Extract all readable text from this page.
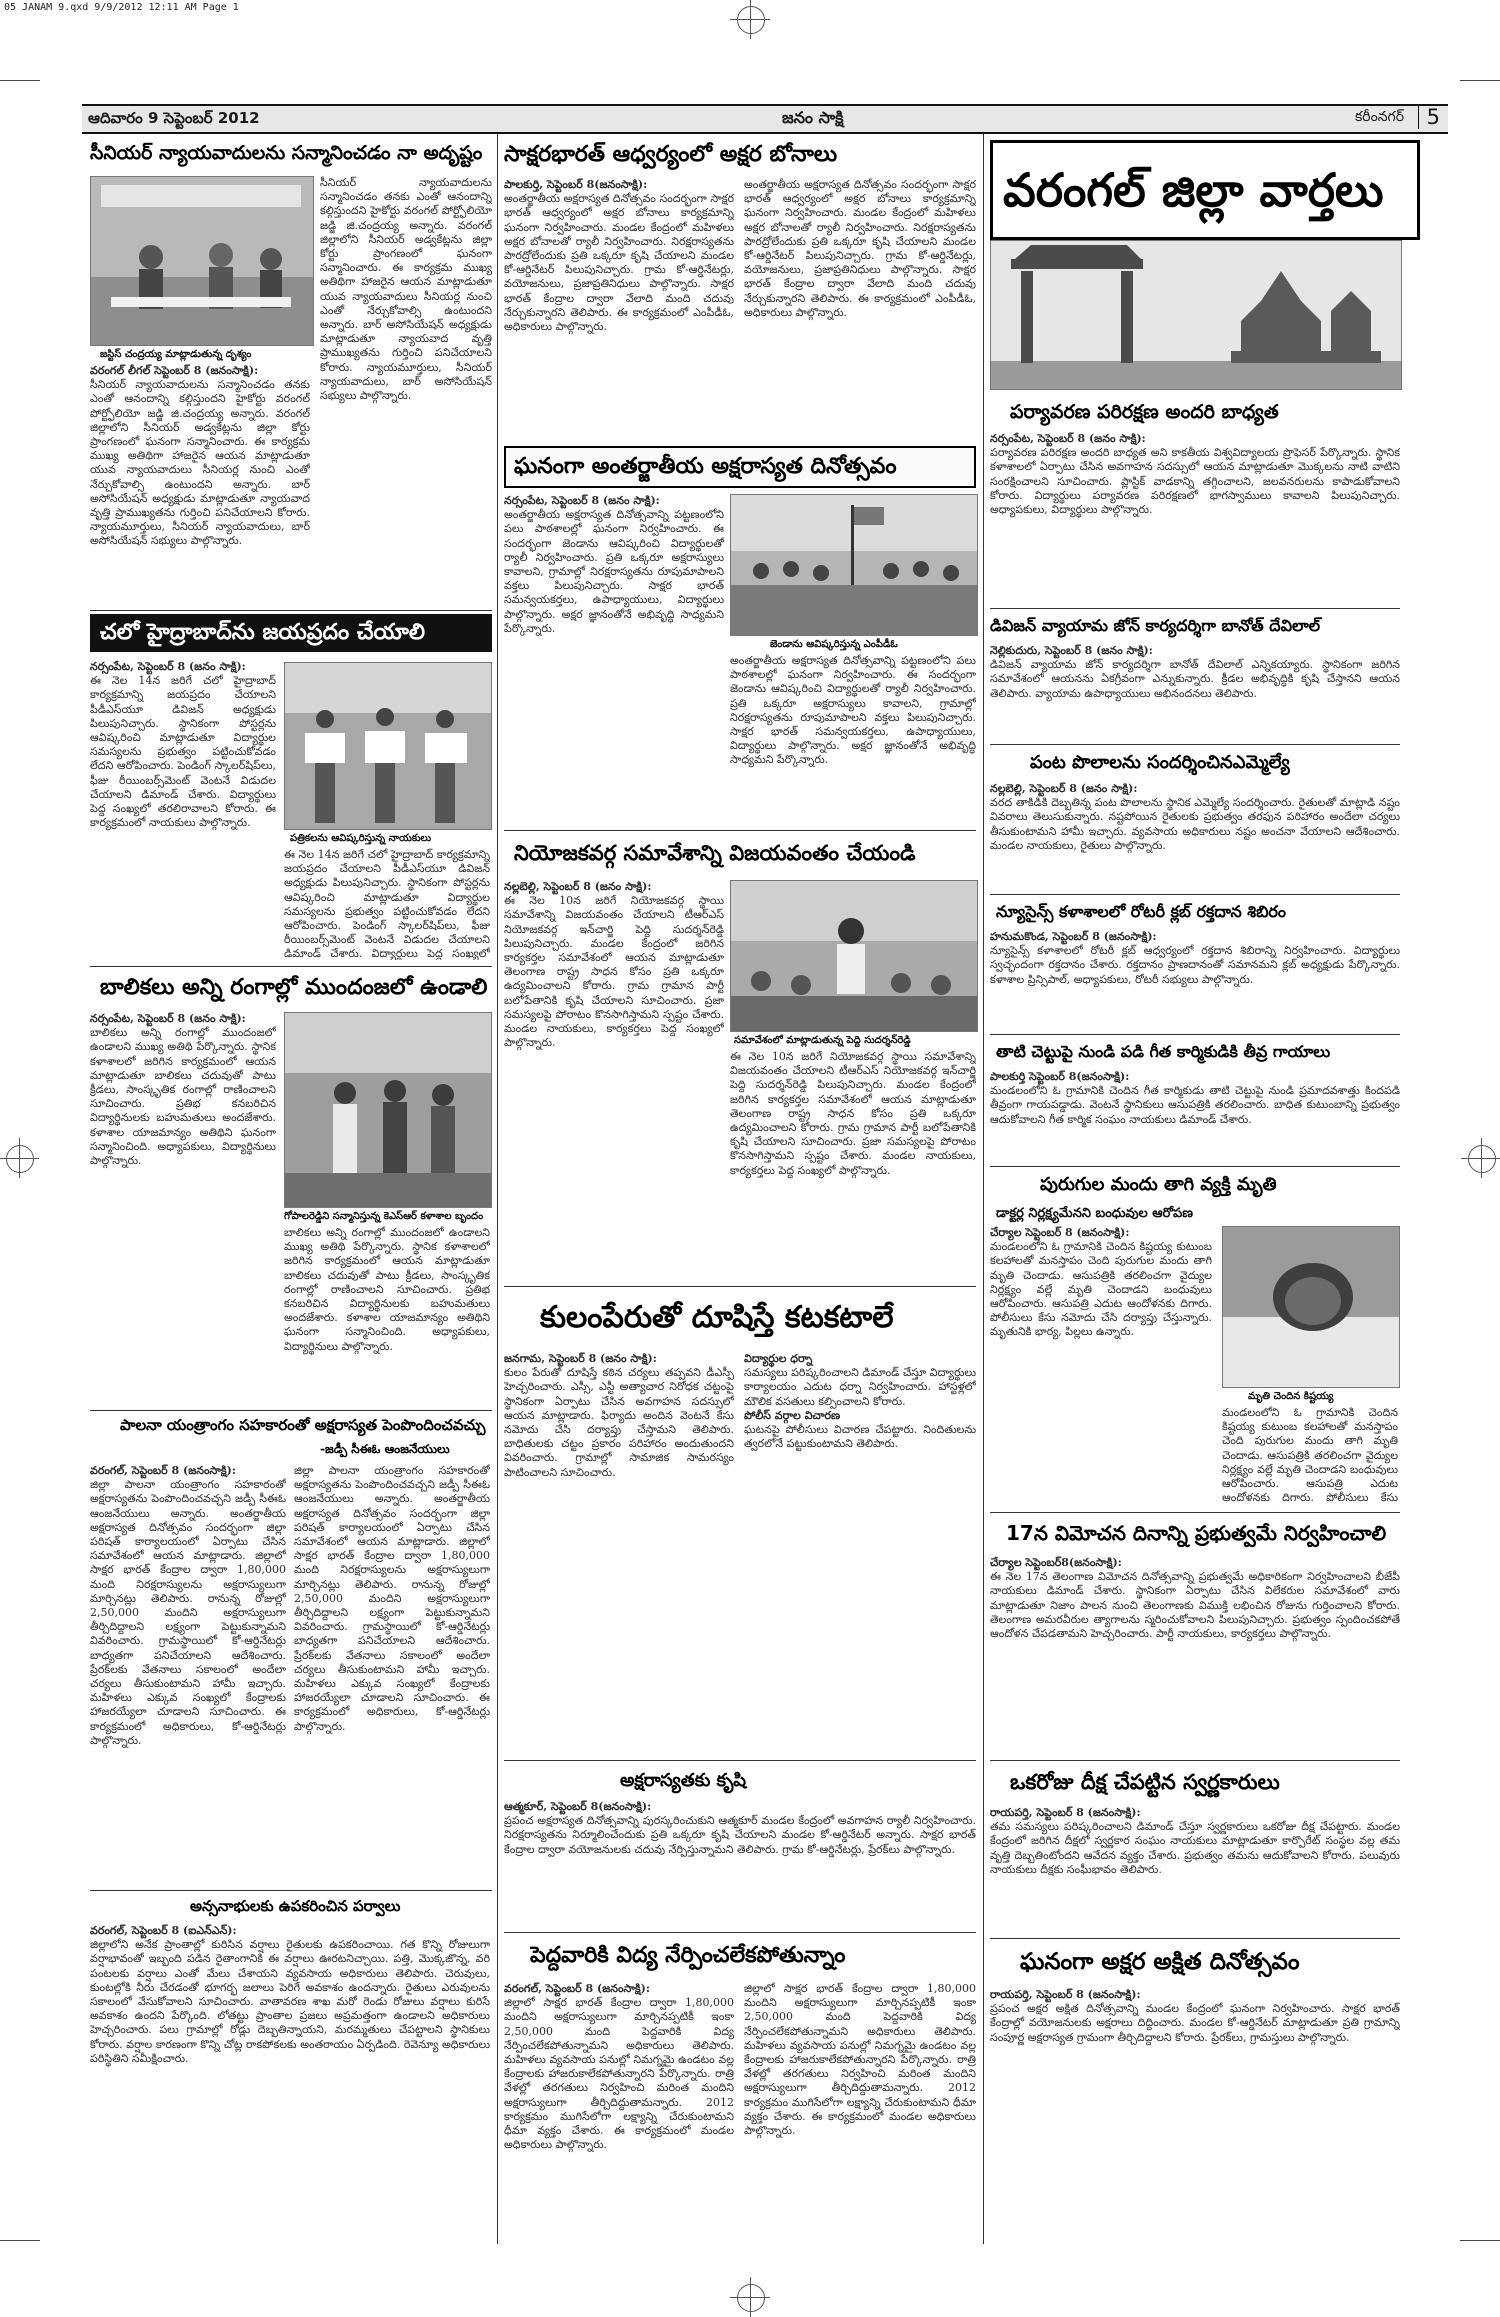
05 JANAM 9.qxd 9/9/2012 12:11 AM Page 1
ఆదివారం 9 సెప్టెంబర్ 2012	జనం సాక్షి	కరీంనగర్	5
సీనియర్ న్యాయవాదులను సన్మానించడం నా అదృష్టం
జస్టిస్ చంద్రయ్య మాట్లాడుతున్న దృశ్యం
వరంగల్ లీగల్ సెప్టెంబర్ 8 (జనంసాక్షి):
సీనియర్ న్యాయవాదులను సన్మానించడం తనకు ఎంతో ఆనందాన్ని కల్గిస్తుందని హైకోర్టు వరంగల్ పోర్ట్ఫోలియో జడ్జి జి.చంద్రయ్య అన్నారు. వరంగల్ జిల్లాలోని సీనియర్ అడ్వకేట్లను జిల్లా కోర్టు ప్రాంగణంలో ఘనంగా సన్మానించారు. ఈ కార్యక్రమ ముఖ్య అతిథిగా హాజరైన ఆయన మాట్లాడుతూ యువ న్యాయవాదులు సీనియర్ల నుంచి ఎంతో నేర్చుకోవాల్సి ఉంటుందని అన్నారు. బార్ అసోసియేషన్ అధ్యక్షుడు మాట్లాడుతూ న్యాయవాద వృత్తి ప్రాముఖ్యతను గుర్తించి పనిచేయాలని కోరారు. న్యాయమూర్తులు, సీనియర్ న్యాయవాదులు, బార్ అసోసియేషన్ సభ్యులు పాల్గొన్నారు.
సీనియర్ న్యాయవాదులను సన్మానించడం తనకు ఎంతో ఆనందాన్ని కల్గిస్తుందని హైకోర్టు వరంగల్ పోర్ట్ఫోలియో జడ్జి జి.చంద్రయ్య అన్నారు. వరంగల్ జిల్లాలోని సీనియర్ అడ్వకేట్లను జిల్లా కోర్టు ప్రాంగణంలో ఘనంగా సన్మానించారు. ఈ కార్యక్రమ ముఖ్య అతిథిగా హాజరైన ఆయన మాట్లాడుతూ యువ న్యాయవాదులు సీనియర్ల నుంచి ఎంతో నేర్చుకోవాల్సి ఉంటుందని అన్నారు. బార్ అసోసియేషన్ అధ్యక్షుడు మాట్లాడుతూ న్యాయవాద వృత్తి ప్రాముఖ్యతను గుర్తించి పనిచేయాలని కోరారు. న్యాయమూర్తులు, సీనియర్ న్యాయవాదులు, బార్ అసోసియేషన్ సభ్యులు పాల్గొన్నారు.
చలో హైద్రాబాద్‌ను జయప్రదం చేయాలి
నర్సంపేట, సెప్టెంబర్ 8 (జనం సాక్షి):
ఈ నెల 14న జరిగే చలో హైద్రాబాద్ కార్యక్రమాన్ని జయప్రదం చేయాలని పీడీఎస్‌యూ డివిజన్ అధ్యక్షుడు పిలుపునిచ్చారు. స్థానికంగా పోస్టర్లను ఆవిష్కరించి మాట్లాడుతూ విద్యార్థుల సమస్యలను ప్రభుత్వం పట్టించుకోవడం లేదని ఆరోపించారు. పెండింగ్ స్కాలర్‌షిప్‌లు, ఫీజు రీయింబర్స్‌మెంట్ వెంటనే విడుదల చేయాలని డిమాండ్ చేశారు. విద్యార్థులు పెద్ద సంఖ్యలో తరలిరావాలని కోరారు. ఈ కార్యక్రమంలో నాయకులు పాల్గొన్నారు.
పత్రికలను ఆవిష్కరిస్తున్న నాయకులు
ఈ నెల 14న జరిగే చలో హైద్రాబాద్ కార్యక్రమాన్ని జయప్రదం చేయాలని పీడీఎస్‌యూ డివిజన్ అధ్యక్షుడు పిలుపునిచ్చారు. స్థానికంగా పోస్టర్లను ఆవిష్కరించి మాట్లాడుతూ విద్యార్థుల సమస్యలను ప్రభుత్వం పట్టించుకోవడం లేదని ఆరోపించారు. పెండింగ్ స్కాలర్‌షిప్‌లు, ఫీజు రీయింబర్స్‌మెంట్ వెంటనే విడుదల చేయాలని డిమాండ్ చేశారు. విద్యార్థులు పెద్ద సంఖ్యలో
బాలికలు అన్ని రంగాల్లో ముందంజలో ఉండాలి
నర్సంపేట, సెప్టెంబర్ 8 (జనం సాక్షి):
బాలికలు అన్ని రంగాల్లో ముందంజలో ఉండాలని ముఖ్య అతిథి పేర్కొన్నారు. స్థానిక కళాశాలలో జరిగిన కార్యక్రమంలో ఆయన మాట్లాడుతూ బాలికలు చదువుతో పాటు క్రీడలు, సాంస్కృతిక రంగాల్లో రాణించాలని సూచించారు. ప్రతిభ కనబరిచిన విద్యార్థినులకు బహుమతులు అందజేశారు. కళాశాల యాజమాన్యం అతిథిని ఘనంగా సన్మానించింది. అధ్యాపకులు, విద్యార్థినులు పాల్గొన్నారు.
గోపాలరెడ్డిని సన్మానిస్తున్న కెఎస్‌ఆర్ కళాశాల బృందం
బాలికలు అన్ని రంగాల్లో ముందంజలో ఉండాలని ముఖ్య అతిథి పేర్కొన్నారు. స్థానిక కళాశాలలో జరిగిన కార్యక్రమంలో ఆయన మాట్లాడుతూ బాలికలు చదువుతో పాటు క్రీడలు, సాంస్కృతిక రంగాల్లో రాణించాలని సూచించారు. ప్రతిభ కనబరిచిన విద్యార్థినులకు బహుమతులు అందజేశారు. కళాశాల యాజమాన్యం అతిథిని ఘనంగా సన్మానించింది. అధ్యాపకులు, విద్యార్థినులు పాల్గొన్నారు.
పాలనా యంత్రాంగం సహకారంతో అక్షరాస్యత పెంపొందించవచ్చు
-జడ్పీ సీఈఓ ఆంజనేయులు
వరంగల్, సెప్టెంబర్ 8 (జనంసాక్షి):
జిల్లా పాలనా యంత్రాంగం సహకారంతో అక్షరాస్యతను పెంపొందించవచ్చని జడ్పీ సీఈఓ ఆంజనేయులు అన్నారు. అంతర్జాతీయ అక్షరాస్యత దినోత్సవం సందర్భంగా జిల్లా పరిషత్ కార్యాలయంలో ఏర్పాటు చేసిన సమావేశంలో ఆయన మాట్లాడారు. జిల్లాలో సాక్షర భారత్ కేంద్రాల ద్వారా 1,80,000 మంది నిరక్షరాస్యులను అక్షరాస్యులుగా మార్చినట్లు తెలిపారు. రానున్న రోజుల్లో 2,50,000 మందిని అక్షరాస్యులుగా తీర్చిదిద్దాలని లక్ష్యంగా పెట్టుకున్నామని వివరించారు. గ్రామస్థాయిలో కో-ఆర్డినేటర్లు బాధ్యతగా పనిచేయాలని ఆదేశించారు. ప్రేరక్‌లకు వేతనాలు సకాలంలో అందేలా చర్యలు తీసుకుంటామని హామీ ఇచ్చారు. మహిళలు ఎక్కువ సంఖ్యలో కేంద్రాలకు హాజరయ్యేలా చూడాలని సూచించారు. ఈ కార్యక్రమంలో అధికారులు, కో-ఆర్డినేటర్లు పాల్గొన్నారు.
జిల్లా పాలనా యంత్రాంగం సహకారంతో అక్షరాస్యతను పెంపొందించవచ్చని జడ్పీ సీఈఓ ఆంజనేయులు అన్నారు. అంతర్జాతీయ అక్షరాస్యత దినోత్సవం సందర్భంగా జిల్లా పరిషత్ కార్యాలయంలో ఏర్పాటు చేసిన సమావేశంలో ఆయన మాట్లాడారు. జిల్లాలో సాక్షర భారత్ కేంద్రాల ద్వారా 1,80,000 మంది నిరక్షరాస్యులను అక్షరాస్యులుగా మార్చినట్లు తెలిపారు. రానున్న రోజుల్లో 2,50,000 మందిని అక్షరాస్యులుగా తీర్చిదిద్దాలని లక్ష్యంగా పెట్టుకున్నామని వివరించారు. గ్రామస్థాయిలో కో-ఆర్డినేటర్లు బాధ్యతగా పనిచేయాలని ఆదేశించారు. ప్రేరక్‌లకు వేతనాలు సకాలంలో అందేలా చర్యలు తీసుకుంటామని హామీ ఇచ్చారు. మహిళలు ఎక్కువ సంఖ్యలో కేంద్రాలకు హాజరయ్యేలా చూడాలని సూచించారు. ఈ కార్యక్రమంలో అధికారులు, కో-ఆర్డినేటర్లు పాల్గొన్నారు.
అన్సనాభులకు ఉపకరించిన పర్వాలు
వరంగల్, సెప్టెంబర్ 8 (ఐఎన్ఎన్):
జిల్లాలోని అనేక ప్రాంతాల్లో కురిసిన వర్షాలు రైతులకు ఉపకరించాయి. గత కొన్ని రోజులుగా వర్షాభావంతో ఇబ్బంది పడిన రైతాంగానికి ఈ వర్షాలు ఊరటనిచ్చాయి. పత్తి, మొక్కజొన్న, వరి పంటలకు వర్షాలు ఎంతో మేలు చేశాయని వ్యవసాయ అధికారులు తెలిపారు. చెరువులు, కుంటల్లోకి నీరు చేరడంతో భూగర్భ జలాలు పెరిగే అవకాశం ఉందన్నారు. రైతులు ఎరువులను సకాలంలో వేసుకోవాలని సూచించారు. వాతావరణ శాఖ మరో రెండు రోజులు వర్షాలు కురిసే అవకాశం ఉందని పేర్కొంది. లోతట్టు ప్రాంతాల ప్రజలు అప్రమత్తంగా ఉండాలని అధికారులు హెచ్చరించారు. పలు గ్రామాల్లో రోడ్లు దెబ్బతిన్నాయని, మరమ్మతులు చేపట్టాలని స్థానికులు కోరారు. వర్షాల కారణంగా కొన్ని చోట్ల రాకపోకలకు అంతరాయం ఏర్పడింది. రెవెన్యూ అధికారులు పరిస్థితిని సమీక్షించారు.
సాక్షరభారత్ ఆధ్వర్యంలో అక్షర బోనాలు
పాలకుర్తి, సెప్టెంబర్ 8(జనంసాక్షి):
అంతర్జాతీయ అక్షరాస్యత దినోత్సవం సందర్భంగా సాక్షర భారత్ ఆధ్వర్యంలో అక్షర బోనాలు కార్యక్రమాన్ని ఘనంగా నిర్వహించారు. మండల కేంద్రంలో మహిళలు అక్షర బోనాలతో ర్యాలీ నిర్వహించారు. నిరక్షరాస్యతను పారద్రోలేందుకు ప్రతి ఒక్కరూ కృషి చేయాలని మండల కో-ఆర్డినేటర్ పిలుపునిచ్చారు. గ్రామ కో-ఆర్డినేటర్లు, వయోజనులు, ప్రజాప్రతినిధులు పాల్గొన్నారు. సాక్షర భారత్ కేంద్రాల ద్వారా వేలాది మంది చదువు నేర్చుకున్నారని తెలిపారు. ఈ కార్యక్రమంలో ఎంపీడీఓ, అధికారులు పాల్గొన్నారు.
అంతర్జాతీయ అక్షరాస్యత దినోత్సవం సందర్భంగా సాక్షర భారత్ ఆధ్వర్యంలో అక్షర బోనాలు కార్యక్రమాన్ని ఘనంగా నిర్వహించారు. మండల కేంద్రంలో మహిళలు అక్షర బోనాలతో ర్యాలీ నిర్వహించారు. నిరక్షరాస్యతను పారద్రోలేందుకు ప్రతి ఒక్కరూ కృషి చేయాలని మండల కో-ఆర్డినేటర్ పిలుపునిచ్చారు. గ్రామ కో-ఆర్డినేటర్లు, వయోజనులు, ప్రజాప్రతినిధులు పాల్గొన్నారు. సాక్షర భారత్ కేంద్రాల ద్వారా వేలాది మంది చదువు నేర్చుకున్నారని తెలిపారు. ఈ కార్యక్రమంలో ఎంపీడీఓ, అధికారులు పాల్గొన్నారు.
ఘనంగా అంతర్జాతీయ అక్షరాస్యత దినోత్సవం
నర్సంపేట, సెప్టెంబర్ 8 (జనం సాక్షి):
అంతర్జాతీయ అక్షరాస్యత దినోత్సవాన్ని పట్టణంలోని పలు పాఠశాలల్లో ఘనంగా నిర్వహించారు. ఈ సందర్భంగా జెండాను ఆవిష్కరించి విద్యార్థులతో ర్యాలీ నిర్వహించారు. ప్రతి ఒక్కరూ అక్షరాస్యులు కావాలని, గ్రామాల్లో నిరక్షరాస్యతను రూపుమాపాలని వక్తలు పిలుపునిచ్చారు. సాక్షర భారత్ సమన్వయకర్తలు, ఉపాధ్యాయులు, విద్యార్థులు పాల్గొన్నారు. అక్షర జ్ఞానంతోనే అభివృద్ధి సాధ్యమని పేర్కొన్నారు.
జెండాను ఆవిష్కరిస్తున్న ఎంపీడీఓ
అంతర్జాతీయ అక్షరాస్యత దినోత్సవాన్ని పట్టణంలోని పలు పాఠశాలల్లో ఘనంగా నిర్వహించారు. ఈ సందర్భంగా జెండాను ఆవిష్కరించి విద్యార్థులతో ర్యాలీ నిర్వహించారు. ప్రతి ఒక్కరూ అక్షరాస్యులు కావాలని, గ్రామాల్లో నిరక్షరాస్యతను రూపుమాపాలని వక్తలు పిలుపునిచ్చారు. సాక్షర భారత్ సమన్వయకర్తలు, ఉపాధ్యాయులు, విద్యార్థులు పాల్గొన్నారు. అక్షర జ్ఞానంతోనే అభివృద్ధి సాధ్యమని పేర్కొన్నారు.
నియోజకవర్గ సమావేశాన్ని విజయవంతం చేయండి
నల్లబెల్లి, సెప్టెంబర్ 8 (జనం సాక్షి):
ఈ నెల 10న జరిగే నియోజకవర్గ స్థాయి సమావేశాన్ని విజయవంతం చేయాలని టీఆర్ఎస్ నియోజకవర్గ ఇన్‌చార్జి పెద్ది సుదర్శన్‌రెడ్డి పిలుపునిచ్చారు. మండల కేంద్రంలో జరిగిన కార్యకర్తల సమావేశంలో ఆయన మాట్లాడుతూ తెలంగాణ రాష్ట్ర సాధన కోసం ప్రతి ఒక్కరూ ఉద్యమించాలని కోరారు. గ్రామ గ్రామాన పార్టీ బలోపేతానికి కృషి చేయాలని సూచించారు. ప్రజా సమస్యలపై పోరాటం కొనసాగిస్తామని స్పష్టం చేశారు. మండల నాయకులు, కార్యకర్తలు పెద్ద సంఖ్యలో పాల్గొన్నారు.	సమావేశంలో మాట్లాడుతున్న పెద్ది సుదర్శన్‌రెడ్డి
ఈ నెల 10న జరిగే నియోజకవర్గ స్థాయి సమావేశాన్ని విజయవంతం చేయాలని టీఆర్ఎస్ నియోజకవర్గ ఇన్‌చార్జి పెద్ది సుదర్శన్‌రెడ్డి పిలుపునిచ్చారు. మండల కేంద్రంలో జరిగిన కార్యకర్తల సమావేశంలో ఆయన మాట్లాడుతూ తెలంగాణ రాష్ట్ర సాధన కోసం ప్రతి ఒక్కరూ ఉద్యమించాలని కోరారు. గ్రామ గ్రామాన పార్టీ బలోపేతానికి కృషి చేయాలని సూచించారు. ప్రజా సమస్యలపై పోరాటం కొనసాగిస్తామని స్పష్టం చేశారు. మండల నాయకులు, కార్యకర్తలు పెద్ద సంఖ్యలో పాల్గొన్నారు.
కులంపేరుతో దూషిస్తే కటకటాలే
జనగామ, సెప్టెంబర్ 8 (జనం సాక్షి):
కులం పేరుతో దూషిస్తే కఠిన చర్యలు తప్పవని డీఎస్పీ హెచ్చరించారు. ఎస్సీ, ఎస్టీ అత్యాచార నిరోధక చట్టంపై స్థానికంగా ఏర్పాటు చేసిన అవగాహన సదస్సులో ఆయన మాట్లాడారు. ఫిర్యాదు అందిన వెంటనే కేసు నమోదు చేసి దర్యాప్తు చేస్తామని తెలిపారు. బాధితులకు చట్టం ప్రకారం పరిహారం అందుతుందని వివరించారు. గ్రామాల్లో సామాజిక సామరస్యం పాటించాలని సూచించారు.
విద్యార్థుల ధర్నా
సమస్యలు పరిష్కరించాలని డిమాండ్ చేస్తూ విద్యార్థులు కార్యాలయం ఎదుట ధర్నా నిర్వహించారు. హాస్టళ్లలో మౌలిక వసతులు కల్పించాలని కోరారు.
పోలీస్ వర్గాల విచారణ
ఘటనపై పోలీసులు విచారణ చేపట్టారు. నిందితులను త్వరలోనే పట్టుకుంటామని తెలిపారు.
అక్షరాస్యతకు కృషి
ఆత్మకూర్, సెప్టెంబర్ 8(జనంసాక్షి):
ప్రపంచ అక్షరాస్యత దినోత్సవాన్ని పురస్కరించుకుని ఆత్మకూర్ మండల కేంద్రంలో అవగాహన ర్యాలీ నిర్వహించారు. నిరక్షరాస్యతను నిర్మూలించేందుకు ప్రతి ఒక్కరూ కృషి చేయాలని మండల కో-ఆర్డినేటర్ అన్నారు. సాక్షర భారత్ కేంద్రాల ద్వారా వయోజనులకు చదువు నేర్పిస్తున్నామని తెలిపారు. గ్రామ కో-ఆర్డినేటర్లు, ప్రేరక్‌లు పాల్గొన్నారు.
పెద్దవారికి విద్య నేర్పించలేకపోతున్నాం
వరంగల్, సెప్టెంబర్ 8 (జనంసాక్షి):
జిల్లాలో సాక్షర భారత్ కేంద్రాల ద్వారా 1,80,000 మందిని అక్షరాస్యులుగా మార్చినప్పటికీ ఇంకా 2,50,000 మంది పెద్దవారికి విద్య నేర్పించలేకపోతున్నామని అధికారులు తెలిపారు. మహిళలు వ్యవసాయ పనుల్లో నిమగ్నమై ఉండటం వల్ల కేంద్రాలకు హాజరుకాలేకపోతున్నారని పేర్కొన్నారు. రాత్రి వేళల్లో తరగతులు నిర్వహించి మరింత మందిని అక్షరాస్యులుగా తీర్చిదిద్దుతామన్నారు. 2012 కార్యక్రమం ముగిసేలోగా లక్ష్యాన్ని చేరుకుంటామని ధీమా వ్యక్తం చేశారు. ఈ కార్యక్రమంలో మండల అధికారులు పాల్గొన్నారు.
జిల్లాలో సాక్షర భారత్ కేంద్రాల ద్వారా 1,80,000 మందిని అక్షరాస్యులుగా మార్చినప్పటికీ ఇంకా 2,50,000 మంది పెద్దవారికి విద్య నేర్పించలేకపోతున్నామని అధికారులు తెలిపారు. మహిళలు వ్యవసాయ పనుల్లో నిమగ్నమై ఉండటం వల్ల కేంద్రాలకు హాజరుకాలేకపోతున్నారని పేర్కొన్నారు. రాత్రి వేళల్లో తరగతులు నిర్వహించి మరింత మందిని అక్షరాస్యులుగా తీర్చిదిద్దుతామన్నారు. 2012 కార్యక్రమం ముగిసేలోగా లక్ష్యాన్ని చేరుకుంటామని ధీమా వ్యక్తం చేశారు. ఈ కార్యక్రమంలో మండల అధికారులు పాల్గొన్నారు.
వరంగల్ జిల్లా వార్తలు
పర్యావరణ పరిరక్షణ అందరి బాధ్యత
నర్సంపేట, సెప్టెంబర్ 8 (జనం సాక్షి):
పర్యావరణ పరిరక్షణ అందరి బాధ్యత అని కాకతీయ విశ్వవిద్యాలయ ప్రొఫెసర్ పేర్కొన్నారు. స్థానిక కళాశాలలో ఏర్పాటు చేసిన అవగాహన సదస్సులో ఆయన మాట్లాడుతూ మొక్కలను నాటి వాటిని సంరక్షించాలని సూచించారు. ప్లాస్టిక్ వాడకాన్ని తగ్గించాలని, జలవనరులను కాపాడుకోవాలని కోరారు. విద్యార్థులు పర్యావరణ పరిరక్షణలో భాగస్వాములు కావాలని పిలుపునిచ్చారు. అధ్యాపకులు, విద్యార్థులు పాల్గొన్నారు.
డివిజన్ వ్యాయామ జోన్ కార్యదర్శిగా బానోత్ దేవిలాల్
నెల్లికుదురు, సెప్టెంబర్ 8 (జనం సాక్షి):
డివిజన్ వ్యాయామ జోన్ కార్యదర్శిగా బానోత్ దేవిలాల్ ఎన్నికయ్యారు. స్థానికంగా జరిగిన సమావేశంలో ఆయనను ఏకగ్రీవంగా ఎన్నుకున్నారు. క్రీడల అభివృద్ధికి కృషి చేస్తానని ఆయన తెలిపారు. వ్యాయామ ఉపాధ్యాయులు అభినందనలు తెలిపారు.
పంట పొలాలను సందర్శించినఎమ్మెల్యే
నల్లబెల్లి, సెప్టెంబర్ 8 (జనం సాక్షి):
వరద తాకిడికి దెబ్బతిన్న పంట పొలాలను స్థానిక ఎమ్మెల్యే సందర్శించారు. రైతులతో మాట్లాడి నష్టం వివరాలు తెలుసుకున్నారు. నష్టపోయిన రైతులకు ప్రభుత్వం తరఫున పరిహారం అందేలా చర్యలు తీసుకుంటామని హామీ ఇచ్చారు. వ్యవసాయ అధికారులు నష్టం అంచనా వేయాలని ఆదేశించారు. మండల నాయకులు, రైతులు పాల్గొన్నారు.
న్యూసైన్స్ కళాశాలలో రోటరీ క్లబ్ రక్తదాన శిబిరం
హనుమకొండ, సెప్టెంబర్ 8 (జనంసాక్షి):
న్యూసైన్స్ కళాశాలలో రోటరీ క్లబ్ ఆధ్వర్యంలో రక్తదాన శిబిరాన్ని నిర్వహించారు. విద్యార్థులు స్వచ్ఛందంగా రక్తదానం చేశారు. రక్తదానం ప్రాణదానంతో సమానమని క్లబ్ అధ్యక్షుడు పేర్కొన్నారు. కళాశాల ప్రిన్సిపాల్, అధ్యాపకులు, రోటరీ సభ్యులు పాల్గొన్నారు.
తాటి చెట్టుపై నుండి పడి గీత కార్మికుడికి తీవ్ర గాయాలు
పాలకుర్తి సెప్టెంబర్ 8(జనంసాక్షి):
మండలంలోని ఓ గ్రామానికి చెందిన గీత కార్మికుడు తాటి చెట్టుపై నుండి ప్రమాదవశాత్తు కిందపడి తీవ్రంగా గాయపడ్డాడు. వెంటనే స్థానికులు ఆసుపత్రికి తరలించారు. బాధిత కుటుంబాన్ని ప్రభుత్వం ఆదుకోవాలని గీత కార్మిక సంఘం నాయకులు డిమాండ్ చేశారు.
పురుగుల మందు తాగి వ్యక్తి మృతి
డాక్టర్ల నిర్లక్ష్యమేనని బంధువుల ఆరోపణ
చేర్యాల సెప్టెంబర్ 8 (జనంసాక్షి):
మండలంలోని ఓ గ్రామానికి చెందిన కిష్టయ్య కుటుంబ కలహాలతో మనస్తాపం చెంది పురుగుల మందు తాగి మృతి చెందాడు. ఆసుపత్రికి తరలించగా వైద్యుల నిర్లక్ష్యం వల్లే మృతి చెందాడని బంధువులు ఆరోపించారు. ఆసుపత్రి ఎదుట ఆందోళనకు దిగారు. పోలీసులు కేసు నమోదు చేసి దర్యాప్తు చేస్తున్నారు. మృతునికి భార్య, పిల్లలు ఉన్నారు.
మృతి చెందిన కిష్టయ్య
మండలంలోని ఓ గ్రామానికి చెందిన కిష్టయ్య కుటుంబ కలహాలతో మనస్తాపం చెంది పురుగుల మందు తాగి మృతి చెందాడు. ఆసుపత్రికి తరలించగా వైద్యుల నిర్లక్ష్యం వల్లే మృతి చెందాడని బంధువులు ఆరోపించారు. ఆసుపత్రి ఎదుట ఆందోళనకు దిగారు. పోలీసులు కేసు
17న విమోచన దినాన్ని ప్రభుత్వమే నిర్వహించాలి
చేర్యాల సెప్టెంబర్8(జనంసాక్షి):
ఈ నెల 17న తెలంగాణ విమోచన దినోత్సవాన్ని ప్రభుత్వమే అధికారికంగా నిర్వహించాలని బీజేపీ నాయకులు డిమాండ్ చేశారు. స్థానికంగా ఏర్పాటు చేసిన విలేకరుల సమావేశంలో వారు మాట్లాడుతూ నిజాం పాలన నుంచి తెలంగాణకు విముక్తి లభించిన రోజును గుర్తించాలని కోరారు. తెలంగాణ అమరవీరుల త్యాగాలను స్మరించుకోవాలని పిలుపునిచ్చారు. ప్రభుత్వం స్పందించకపోతే ఆందోళన చేపడతామని హెచ్చరించారు. పార్టీ నాయకులు, కార్యకర్తలు పాల్గొన్నారు.
ఒకరోజు దీక్ష చేపట్టిన స్వర్ణకారులు
రాయపర్తి, సెప్టెంబర్ 8 (జనంసాక్షి):
తమ సమస్యలు పరిష్కరించాలని డిమాండ్ చేస్తూ స్వర్ణకారులు ఒకరోజు దీక్ష చేపట్టారు. మండల కేంద్రంలో జరిగిన దీక్షలో స్వర్ణకార సంఘం నాయకులు మాట్లాడుతూ కార్పొరేట్ సంస్థల వల్ల తమ వృత్తి దెబ్బతింటోందని ఆవేదన వ్యక్తం చేశారు. ప్రభుత్వం తమను ఆదుకోవాలని కోరారు. పలువురు నాయకులు దీక్షకు సంఘీభావం తెలిపారు.
ఘనంగా అక్షర అక్షిత దినోత్సవం
రాయపర్తి, సెప్టెంబర్ 8 (జనంసాక్షి):
ప్రపంచ అక్షర అక్షిత దినోత్సవాన్ని మండల కేంద్రంలో ఘనంగా నిర్వహించారు. సాక్షర భారత్ కేంద్రాల్లో వయోజనులకు అక్షరాలు దిద్దించారు. మండల కో-ఆర్డినేటర్ మాట్లాడుతూ ప్రతి గ్రామాన్ని సంపూర్ణ అక్షరాస్యత గ్రామంగా తీర్చిదిద్దాలని కోరారు. ప్రేరక్‌లు, గ్రామస్తులు పాల్గొన్నారు.
